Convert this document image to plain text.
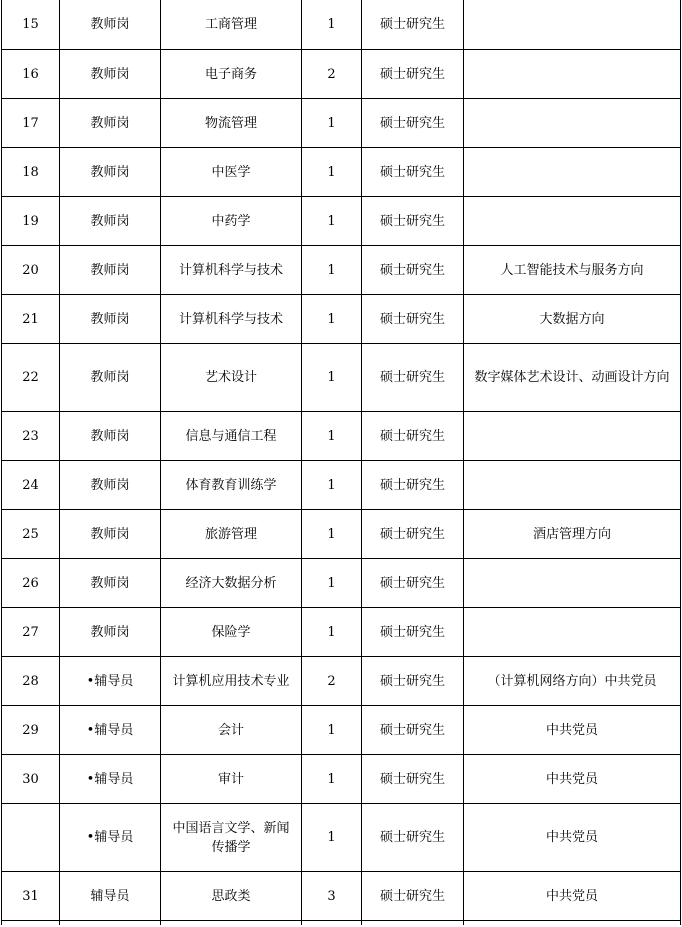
15	教师岗	工商管理	1	硕士研究生	
16	教师岗	电子商务	2	硕士研究生	
17	教师岗	物流管理	1	硕士研究生	
18	教师岗	中医学	1	硕士研究生	
19	教师岗	中药学	1	硕士研究生	
20	教师岗	计算机科学与技术	1	硕士研究生	人工智能技术与服务方向
21	教师岗	计算机科学与技术	1	硕士研究生	大数据方向
22	教师岗	艺术设计	1	硕士研究生	数字媒体艺术设计、动画设计方向
23	教师岗	信息与通信工程	1	硕士研究生	
24	教师岗	体育教育训练学	1	硕士研究生	
25	教师岗	旅游管理	1	硕士研究生	酒店管理方向
26	教师岗	经济大数据分析	1	硕士研究生	
27	教师岗	保险学	1	硕士研究生	
28	•辅导员	计算机应用技术专业	2	硕士研究生	（计算机网络方向）中共党员
29	•辅导员	会计	1	硕士研究生	中共党员
30	•辅导员	审计	1	硕士研究生	中共党员
	•辅导员	中国语言文学、新闻传播学	1	硕士研究生	中共党员
31	辅导员	思政类	3	硕士研究生	中共党员
